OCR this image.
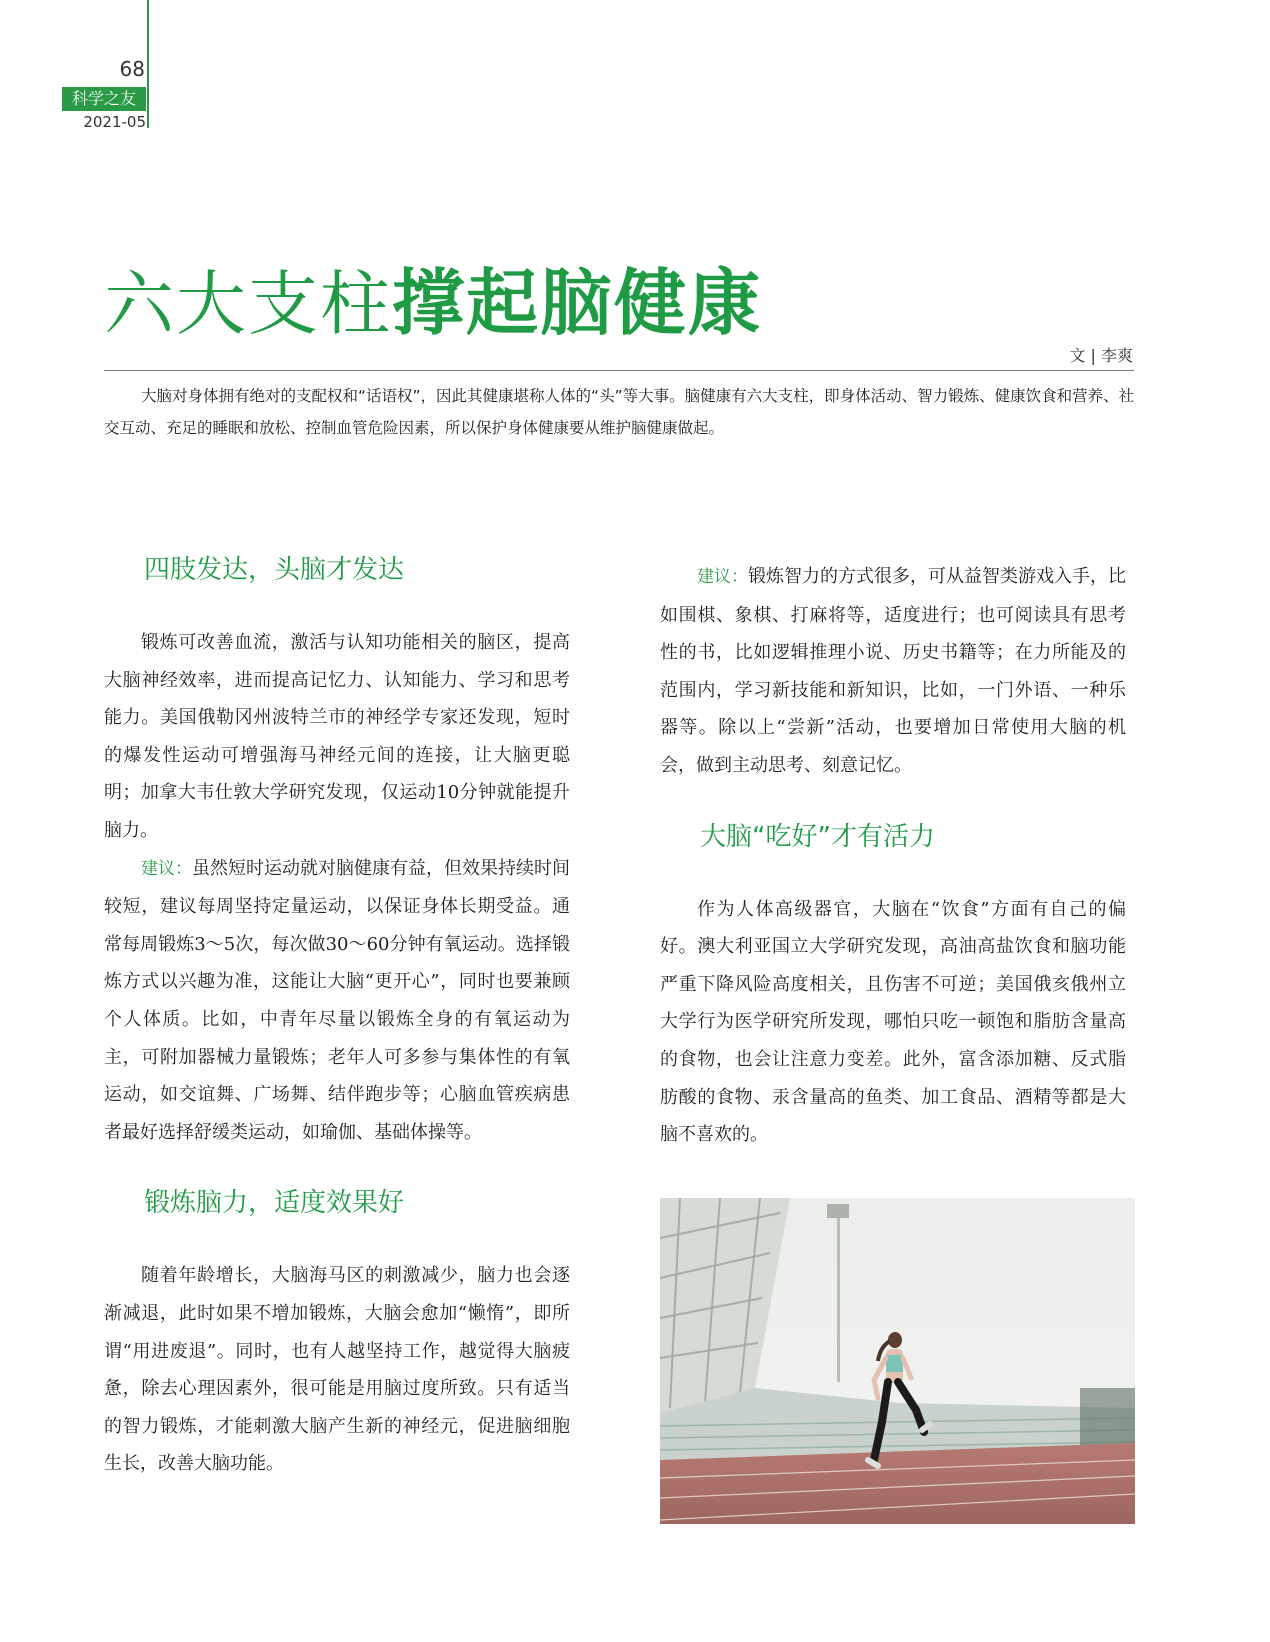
68
科学之友
2021-05
六大支柱撑起脑健康
文 | 李爽

大脑对身体拥有绝对的支配权和“话语权”，因此其健康堪称人体的“头”等大事。脑健康有六大支柱，即身体活动、智力锻炼、健康饮食和营养、社交互动、充足的睡眠和放松、控制血管危险因素，所以保护身体健康要从维护脑健康做起。

四肢发达，头脑才发达

锻炼可改善血流，激活与认知功能相关的脑区，提高大脑神经效率，进而提高记忆力、认知能力、学习和思考能力。美国俄勒冈州波特兰市的神经学专家还发现，短时的爆发性运动可增强海马神经元间的连接，让大脑更聪明；加拿大韦仕敦大学研究发现，仅运动10分钟就能提升脑力。

建议：虽然短时运动就对脑健康有益，但效果持续时间较短，建议每周坚持定量运动，以保证身体长期受益。通常每周锻炼3～5次，每次做30～60分钟有氧运动。选择锻炼方式以兴趣为准，这能让大脑“更开心”，同时也要兼顾个人体质。比如，中青年尽量以锻炼全身的有氧运动为主，可附加器械力量锻炼；老年人可多参与集体性的有氧运动，如交谊舞、广场舞、结伴跑步等；心脑血管疾病患者最好选择舒缓类运动，如瑜伽、基础体操等。

锻炼脑力，适度效果好

随着年龄增长，大脑海马区的刺激减少，脑力也会逐渐减退，此时如果不增加锻炼，大脑会愈加“懒惰”，即所谓“用进废退”。同时，也有人越坚持工作，越觉得大脑疲惫，除去心理因素外，很可能是用脑过度所致。只有适当的智力锻炼，才能刺激大脑产生新的神经元，促进脑细胞生长，改善大脑功能。

建议：锻炼智力的方式很多，可从益智类游戏入手，比如围棋、象棋、打麻将等，适度进行；也可阅读具有思考性的书，比如逻辑推理小说、历史书籍等；在力所能及的范围内，学习新技能和新知识，比如，一门外语、一种乐器等。除以上“尝新”活动，也要增加日常使用大脑的机会，做到主动思考、刻意记忆。

大脑“吃好”才有活力

作为人体高级器官，大脑在“饮食”方面有自己的偏好。澳大利亚国立大学研究发现，高油高盐饮食和脑功能严重下降风险高度相关，且伤害不可逆；美国俄亥俄州立大学行为医学研究所发现，哪怕只吃一顿饱和脂肪含量高的食物，也会让注意力变差。此外，富含添加糖、反式脂肪酸的食物、汞含量高的鱼类、加工食品、酒精等都是大脑不喜欢的。
